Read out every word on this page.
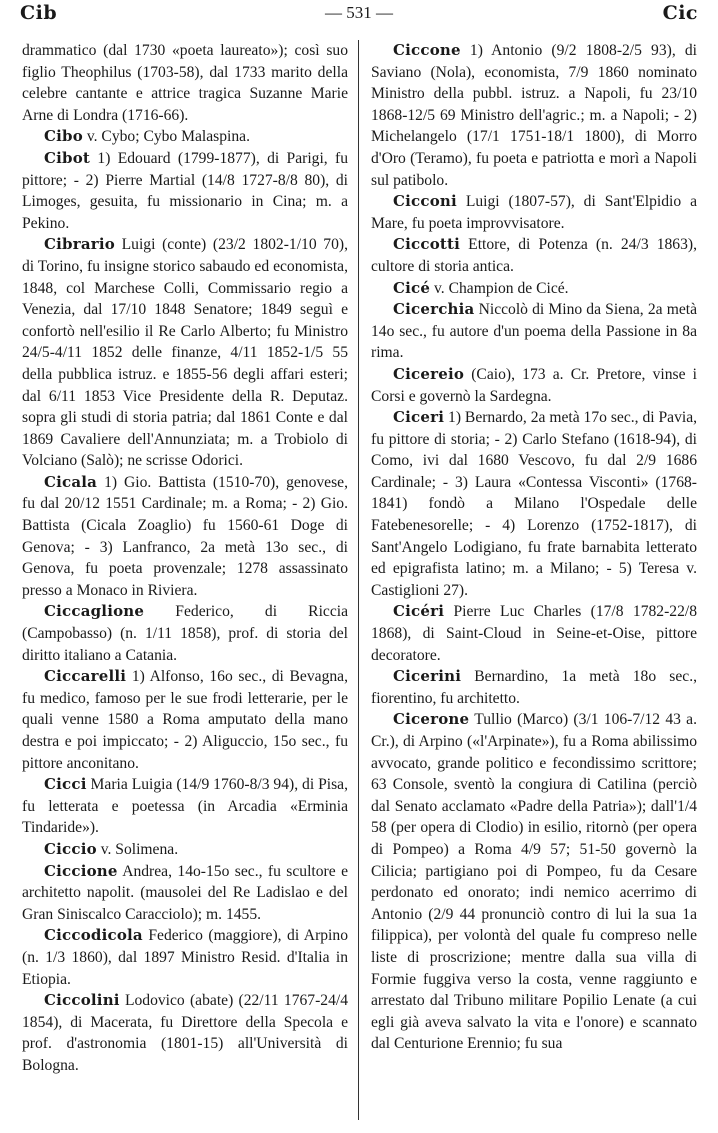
Cib	— 531 —	Cic

drammatico (dal 1730 «poeta laureato»); così suo figlio Theophilus (1703-58), dal 1733 marito della celebre cantante e attrice tragica Suzanne Marie Arne di Londra (1716-66).

Cibo v. Cybo; Cybo Malaspina.

Cibot 1) Edouard (1799-1877), di Parigi, fu pittore; - 2) Pierre Martial (14/8 1727-8/8 80), di Limoges, gesuita, fu missionario in Cina; m. a Pekino.

Cibrario Luigi (conte) (23/2 1802-1/10 70), di Torino, fu insigne storico sabaudo ed economista, 1848, col Marchese Colli, Commissario regio a Venezia, dal 17/10 1848 Senatore; 1849 seguì e confortò nell'esilio il Re Carlo Alberto; fu Ministro 24/5-4/11 1852 delle finanze, 4/11 1852-1/5 55 della pubblica istruz. e 1855-56 degli affari esteri; dal 6/11 1853 Vice Presidente della R. Deputaz. sopra gli studi di storia patria; dal 1861 Conte e dal 1869 Cavaliere dell'Annunziata; m. a Trobiolo di Volciano (Salò); ne scrisse Odorici.

Cicala 1) Gio. Battista (1510-70), genovese, fu dal 20/12 1551 Cardinale; m. a Roma; - 2) Gio. Battista (Cicala Zoaglio) fu 1560-61 Doge di Genova; - 3) Lanfranco, 2a metà 13o sec., di Genova, fu poeta provenzale; 1278 assassinato presso a Monaco in Riviera.

Ciccaglione Federico, di Riccia (Campobasso) (n. 1/11 1858), prof. di storia del diritto italiano a Catania.

Ciccarelli 1) Alfonso, 16o sec., di Bevagna, fu medico, famoso per le sue frodi letterarie, per le quali venne 1580 a Roma amputato della mano destra e poi impiccato; - 2) Aliguccio, 15o sec., fu pittore anconitano.

Cicci Maria Luigia (14/9 1760-8/3 94), di Pisa, fu letterata e poetessa (in Arcadia «Erminia Tindaride»).

Ciccio v. Solimena.

Ciccione Andrea, 14o-15o sec., fu scultore e architetto napolit. (mausolei del Re Ladislao e del Gran Siniscalco Caracciolo); m. 1455.

Ciccodicola Federico (maggiore), di Arpino (n. 1/3 1860), dal 1897 Ministro Resid. d'Italia in Etiopia.

Ciccolini Lodovico (abate) (22/11 1767-24/4 1854), di Macerata, fu Direttore della Specola e prof. d'astronomia (1801-15) all'Università di Bologna.

Ciccone 1) Antonio (9/2 1808-2/5 93), di Saviano (Nola), economista, 7/9 1860 nominato Ministro della pubbl. istruz. a Napoli, fu 23/10 1868-12/5 69 Ministro dell'agric.; m. a Napoli; - 2) Michelangelo (17/1 1751-18/1 1800), di Morro d'Oro (Teramo), fu poeta e patriotta e morì a Napoli sul patibolo.

Cicconi Luigi (1807-57), di Sant'Elpidio a Mare, fu poeta improvvisatore.

Ciccotti Ettore, di Potenza (n. 24/3 1863), cultore di storia antica.

Cicé v. Champion de Cicé.

Cicerchia Niccolò di Mino da Siena, 2a metà 14o sec., fu autore d'un poema della Passione in 8a rima.

Cicereio (Caio), 173 a. Cr. Pretore, vinse i Corsi e governò la Sardegna.

Ciceri 1) Bernardo, 2a metà 17o sec., di Pavia, fu pittore di storia; - 2) Carlo Stefano (1618-94), di Como, ivi dal 1680 Vescovo, fu dal 2/9 1686 Cardinale; - 3) Laura «Contessa Visconti» (1768-1841) fondò a Milano l'Ospedale delle Fatebenesorelle; - 4) Lorenzo (1752-1817), di Sant'Angelo Lodigiano, fu frate barnabita letterato ed epigrafista latino; m. a Milano; - 5) Teresa v. Castiglioni 27).

Cicéri Pierre Luc Charles (17/8 1782-22/8 1868), di Saint-Cloud in Seine-et-Oise, pittore decoratore.

Cicerini Bernardino, 1a metà 18o sec., fiorentino, fu architetto.

Cicerone Tullio (Marco) (3/1 106-7/12 43 a. Cr.), di Arpino («l'Arpinate»), fu a Roma abilissimo avvocato, grande politico e fecondissimo scrittore; 63 Console, sventò la congiura di Catilina (perciò dal Senato acclamato «Padre della Patria»); dall'1/4 58 (per opera di Clodio) in esilio, ritornò (per opera di Pompeo) a Roma 4/9 57; 51-50 governò la Cilicia; partigiano poi di Pompeo, fu da Cesare perdonato ed onorato; indi nemico acerrimo di Antonio (2/9 44 pronunciò contro di lui la sua 1a filippica), per volontà del quale fu compreso nelle liste di proscrizione; mentre dalla sua villa di Formie fuggiva verso la costa, venne raggiunto e arrestato dal Tribuno militare Popilio Lenate (a cui egli già aveva salvato la vita e l'onore) e scannato dal Centurione Erennio; fu sua
